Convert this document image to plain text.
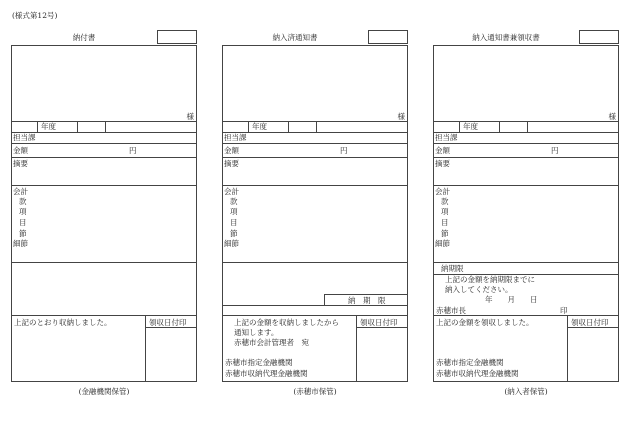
(様式第12号)
納付書
様
年度
担当課
金額	円
摘要
会計
款
項
目
節
細節
上記のとおり収納しました。	領収日付印
(金融機関保管)
納入済通知書
様
年度
担当課
金額	円
摘要
会計
款
項
目
節
細節
納　期　限
上記の金額を収納しましたから
通知します。
赤穂市会計管理者　宛
赤穂市指定金融機関
赤穂市収納代理金融機関
領収日付印
(赤穂市保管)
納入通知書兼領収書
様
年度
担当課
金額	円
摘要
会計
款
項
目
節
細節
納期限
上記の金額を納期限までに
納入してください。
年　　月　　日
赤穂市長	印
上記の金額を領収しました。
赤穂市指定金融機関
赤穂市収納代理金融機関
領収日付印
(納入者保管)
